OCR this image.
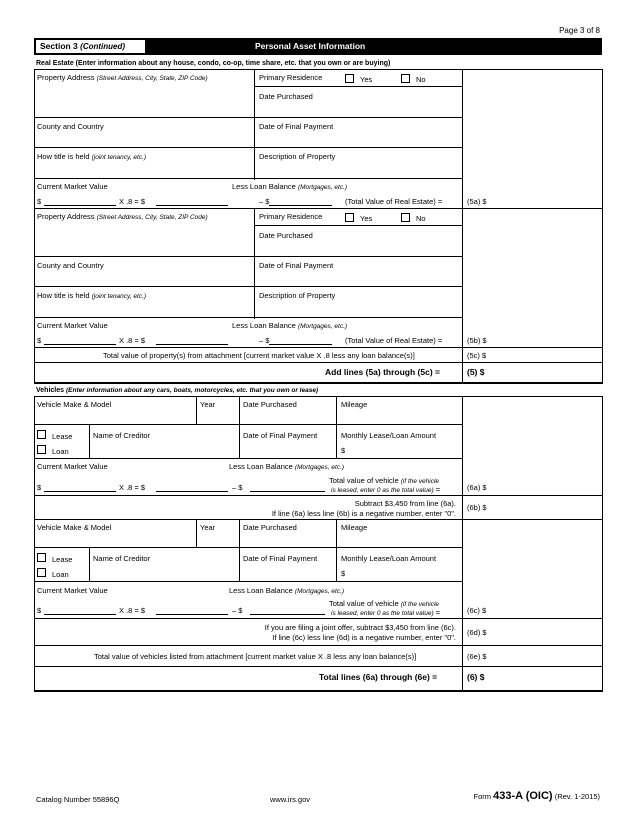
Page 3 of 8
Section 3 (Continued)	Personal Asset Information
Real Estate (Enter information about any house, condo, co-op, time share, etc. that you own or are buying)
Property Address (Street Address, City, State, ZIP Code)	Primary Residence	Yes	No
Date Purchased
County and Country	Date of Final Payment
How title is held (joint tenancy, etc.)	Description of Property
Current Market Value	Less Loan Balance (Mortgages, etc.)
$	X .8 = $	– $	(Total Value of Real Estate) =	(5a) $
Property Address (Street Address, City, State, ZIP Code)	Primary Residence	Yes	No
Date Purchased
County and Country	Date of Final Payment
How title is held (joint tenancy, etc.)	Description of Property
Current Market Value	Less Loan Balance (Mortgages, etc.)
$	X .8 = $	– $	(Total Value of Real Estate) =	(5b) $
Total value of property(s) from attachment [current market value X .8 less any loan balance(s)]	(5c) $
Add lines (5a) through (5c) =	(5) $
Vehicles (Enter information about any cars, boats, motorcycles, etc. that you own or lease)
Vehicle Make & Model	Year	Date Purchased	Mileage
Lease
Loan
Name of Creditor	Date of Final Payment	Monthly Lease/Loan Amount
$
Current Market Value	Less Loan Balance (Mortgages, etc.)
Total value of vehicle (if the vehicle
$	X .8 = $	– $	is leased, enter 0 as the total value) =	(6a) $
Subtract $3,450 from line (6a).
If line (6a) less line (6b) is a negative number, enter "0".
(6b) $
Vehicle Make & Model	Year	Date Purchased	Mileage
Lease
Loan
Name of Creditor	Date of Final Payment	Monthly Lease/Loan Amount
$
Current Market Value	Less Loan Balance (Mortgages, etc.)
Total value of vehicle (if the vehicle
$	X .8 = $	– $	is leased, enter 0 as the total value) =	(6c) $
If you are filing a joint offer, subtract $3,450 from line (6c).
If line (6c) less line (6d) is a negative number, enter "0".
(6d) $
Total value of vehicles listed from attachment [current market value X .8 less any loan balance(s)]	(6e) $
Total lines (6a) through (6e) =	(6) $
Catalog Number 55896Q	www.irs.gov	Form 433-A (OIC) (Rev. 1-2015)
